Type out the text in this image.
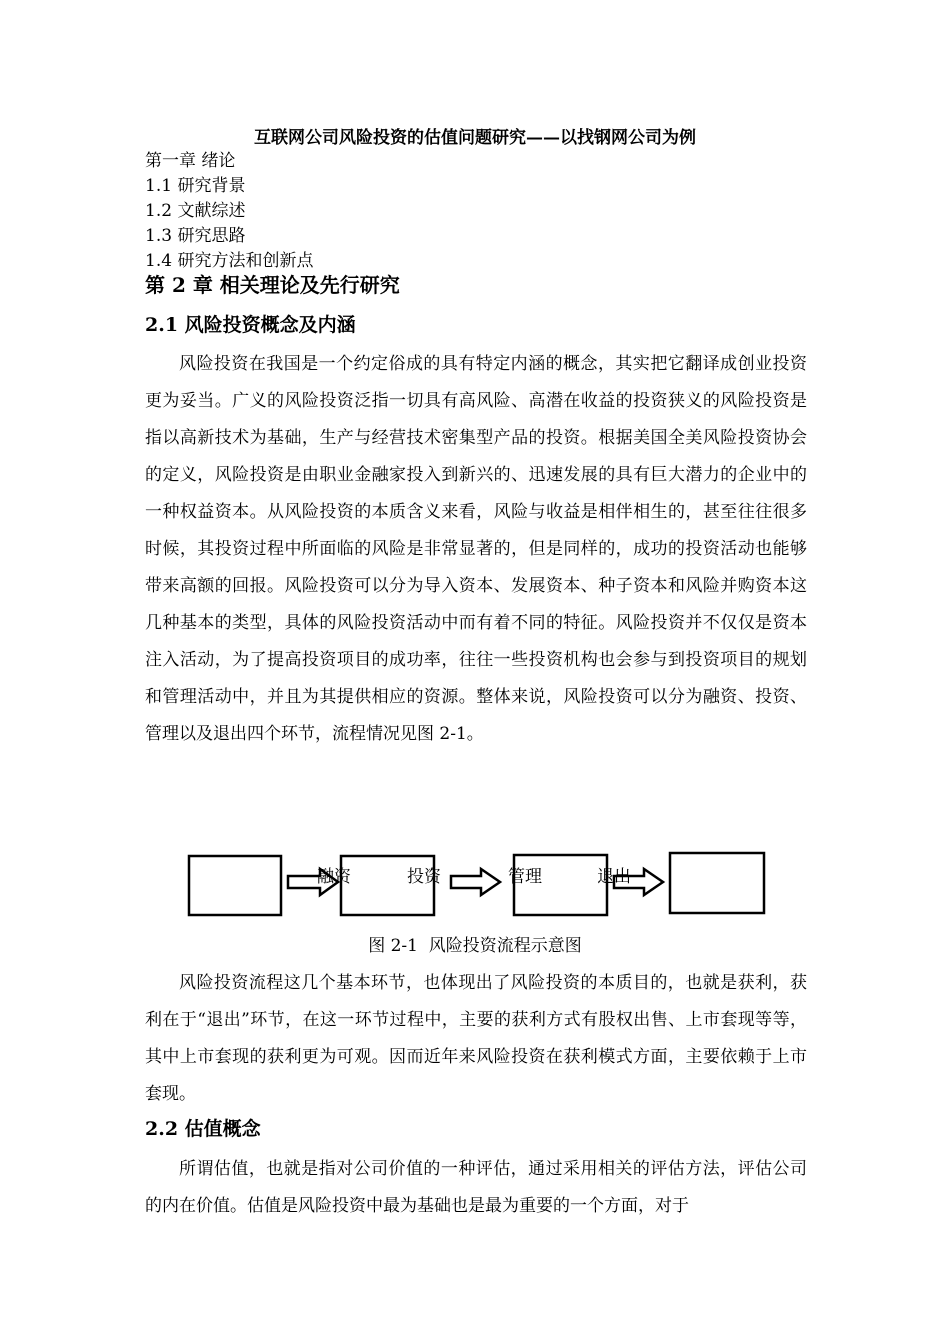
互联网公司风险投资的估值问题研究——以找钢网公司为例
第一章 绪论
1.1 研究背景
1.2 文献综述
1.3 研究思路
1.4 研究方法和创新点
第 2 章 相关理论及先行研究
2.1 风险投资概念及内涵

风险投资在我国是一个约定俗成的具有特定内涵的概念，其实把它翻译成创业投资更为妥当。广义的风险投资泛指一切具有高风险、高潜在收益的投资狭义的风险投资是指以高新技术为基础，生产与经营技术密集型产品的投资。根据美国全美风险投资协会的定义，风险投资是由职业金融家投入到新兴的、迅速发展的具有巨大潜力的企业中的一种权益资本。从风险投资的本质含义来看，风险与收益是相伴相生的，甚至往往很多时候，其投资过程中所面临的风险是非常显著的，但是同样的，成功的投资活动也能够带来高额的回报。风险投资可以分为导入资本、发展资本、种子资本和风险并购资本这几种基本的类型，具体的风险投资活动中而有着不同的特征。风险投资并不仅仅是资本注入活动，为了提高投资项目的成功率，往往一些投资机构也会参与到投资项目的规划和管理活动中，并且为其提供相应的资源。整体来说，风险投资可以分为融资、投资、管理以及退出四个环节，流程情况见图 2-1。

融资	投资	管理	退出
图 2-1  风险投资流程示意图

风险投资流程这几个基本环节，也体现出了风险投资的本质目的，也就是获利，获利在于“退出”环节，在这一环节过程中，主要的获利方式有股权出售、上市套现等等，其中上市套现的获利更为可观。因而近年来风险投资在获利模式方面，主要依赖于上市套现。

2.2 估值概念

所谓估值，也就是指对公司价值的一种评估，通过采用相关的评估方法，评估公司的内在价值。估值是风险投资中最为基础也是最为重要的一个方面，对于
